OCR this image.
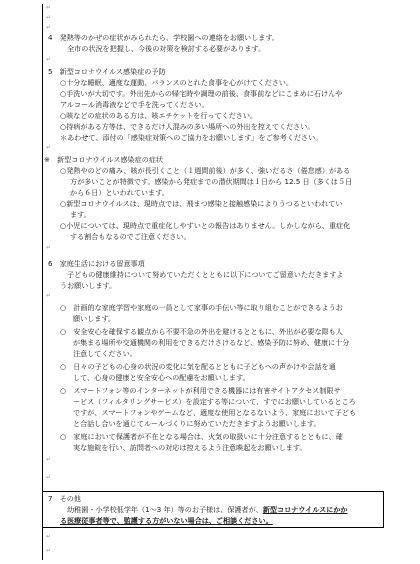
↵
↵
↵
4　発熱等のかぜの症状がみられたら、学校園への連絡をお願いします。
　全市の状況を把握し、今後の対策を検討する必要があります。
↵
5　新型コロナウイルス感染症の予防
○十分な睡眠、適度な運動、バランスのとれた食事を心がけてください。
○手洗いが大切です。外出先からの帰宅時や調理の前後、食事前などにこまめに石けんや
アルコール消毒液などで手を洗ってください。
○咳などの症状のある方は、咳エチケットを行ってください。
○持病がある方等は、できるだけ人混みの多い場所への外出を控えてください。
＊あわせて、添付の「感染症対策へのご協力をお願いします」をご参考ください。
↵
※　新型コロナウイルス感染症の症状
○発熱やのどの痛み、咳が長引くこと（１週間前後）が多く、強いだるさ（倦怠感）がある
方が多いことが特徴です。感染から発症までの潜伏期間は１日から 12.5 日（多くは５日
から６日）といわれています。
○新型コロナウイルスは、現時点では、飛まつ感染と接触感染によりうつるといわれてい
ます。
○小児については、現時点で重症化しやすいとの報告はありません。しかしながら、重症化
する割合もなるのでご注意ください。
↵
6　家庭生活における留意事項
　子どもの健康維持について努めていただくとともに以下についてご留意いただきますよ
うお願いします。
↵
○　計画的な家庭学習や家庭の一員として家事の手伝い等に取り組むことができるようお
願いします。
○　安全安心を確保する観点から不要不急の外出を避けるとともに、外出が必要な際も人
が集まる場所や交通機関の利用をできるだけさけるなど、感染予防に努め、健康に十分
注意してください。
○　日々の子どもの心身の状況の変化に気を配るとともに子どもへの声かけや会話を通
して、心身の健康と安全安心への配慮をお願いします。
○　スマートフォン等のインターネットが利用できる機器には有害サイトアクセス制限サ
ービス（フィルタリングサービス）を設定する等について、すでにお願いしているところ
ですが、スマートフォンやゲームなど、適度な使用となるないよう、家庭において子ども
と合話し合いを通じてルールづくりに努めていただきますようお願いします。
○　家庭において保護者が不在となる場合は、火気の取扱いに十分注意するとともに、確
実な施錠を行い、訪問者への対応は控えるよう注意喚起をお願いします。
↵
↵
7　その他
　幼稚園・小学校低学年（1～3 年）等のお子様は、保護者が、新型コロナウイルスにかか
る医療従事者等で、監護する方がいない場合は、ご相談ください。
↵
↵
